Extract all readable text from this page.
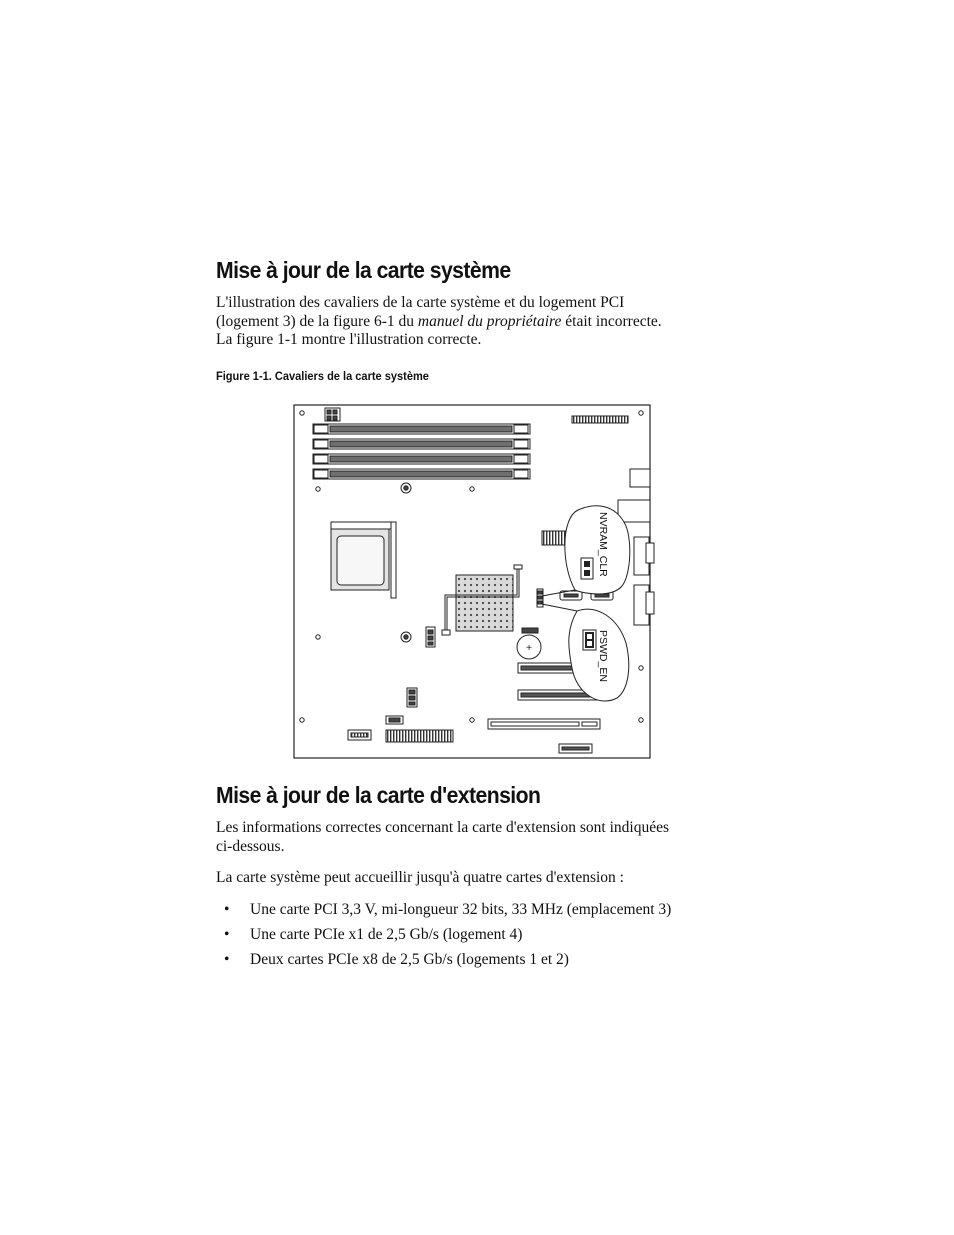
Mise à jour de la carte système

L'illustration des cavaliers de la carte système et du logement PCI
(logement 3) de la figure 6-1 du manuel du propriétaire était incorrecte.
La figure 1-1 montre l'illustration correcte.

Figure 1-1. Cavaliers de la carte système

+
NVRAM_CLR
PSWD_EN
Mise à jour de la carte d'extension

Les informations correctes concernant la carte d'extension sont indiquées
ci-dessous.

La carte système peut accueillir jusqu'à quatre cartes d'extension :

• Une carte PCI 3,3 V, mi-longueur 32 bits, 33 MHz (emplacement 3)
• Une carte PCIe x1 de 2,5 Gb/s (logement 4)
• Deux cartes PCIe x8 de 2,5 Gb/s (logements 1 et 2)
